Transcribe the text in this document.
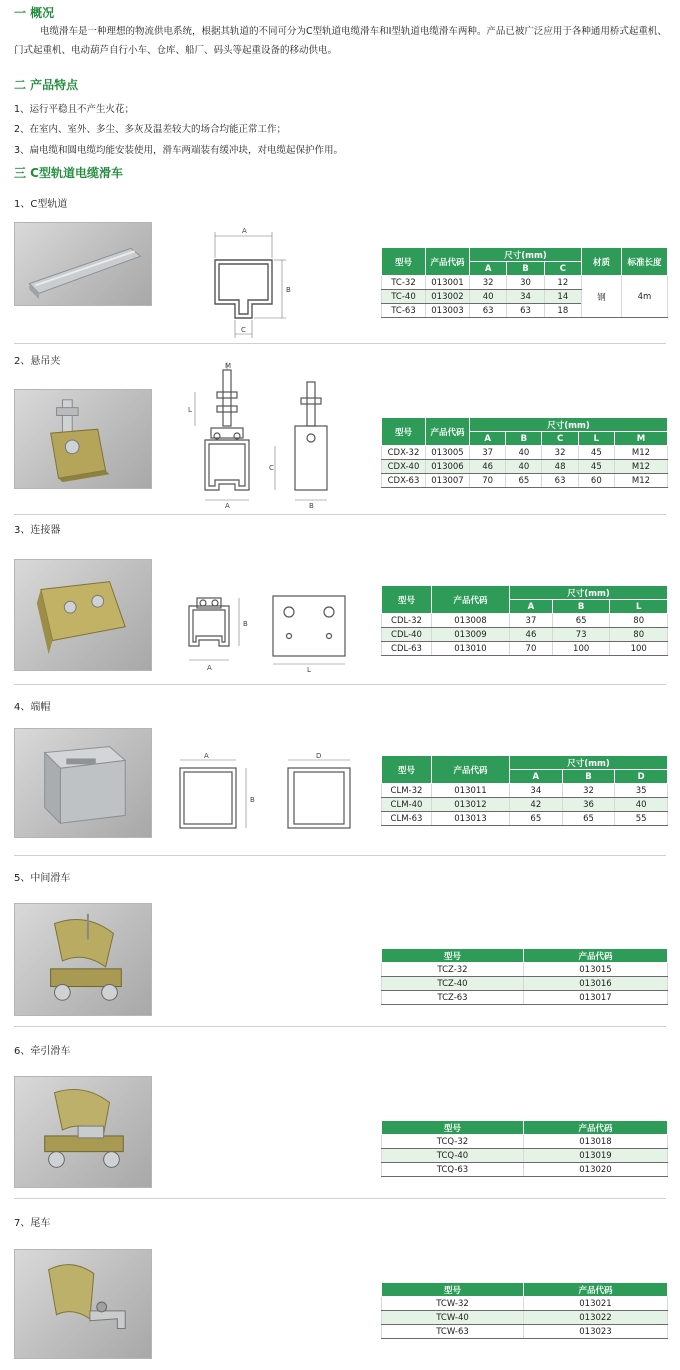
一 概况
电缆滑车是一种理想的物流供电系统，根据其轨道的不同可分为C型轨道电缆滑车和I型轨道电缆滑车两种。产品已被广泛应用于各种通用桥式起重机、门式起重机、电动葫芦自行小车、仓库、船厂、码头等起重设备的移动供电。
二 产品特点
1、运行平稳且不产生火花；
2、在室内、室外、多尘、多灰及温差较大的场合均能正常工作；
3、扁电缆和圆电缆均能安装使用，滑车两端装有缓冲块，对电缆起保护作用。
三 C型轨道电缆滑车
1、C型轨道
A
B
C
型号	产品代码	尺寸(mm)			材质	标准长度
		A	B	C		
TC-32	013001	32	30	12	钢	4m
TC-40	013002	40	34	14		
TC-63	013003	63	63	18		
2、悬吊夹	M
L
C
A	B
型号	产品代码	尺寸(mm)				
		A	B	C	L	M
CDX-32	013005	37	40	32	45	M12
CDX-40	013006	46	40	48	45	M12
CDX-63	013007	70	65	63	60	M12
3、连接器
B
A	L
型号	产品代码	尺寸(mm)		
		A	B	L
CDL-32	013008	37	65	80
CDL-40	013009	46	73	80
CDL-63	013010	70	100	100
4、端帽
A
B
D
型号	产品代码	尺寸(mm)		
		A	B	D
CLM-32	013011	34	32	35
CLM-40	013012	42	36	40
CLM-63	013013	65	65	55
5、中间滑车
型号	产品代码
TCZ-32	013015
TCZ-40	013016
TCZ-63	013017
6、牵引滑车
型号	产品代码
TCQ-32	013018
TCQ-40	013019
TCQ-63	013020
7、尾车
型号	产品代码
TCW-32	013021
TCW-40	013022
TCW-63	013023
